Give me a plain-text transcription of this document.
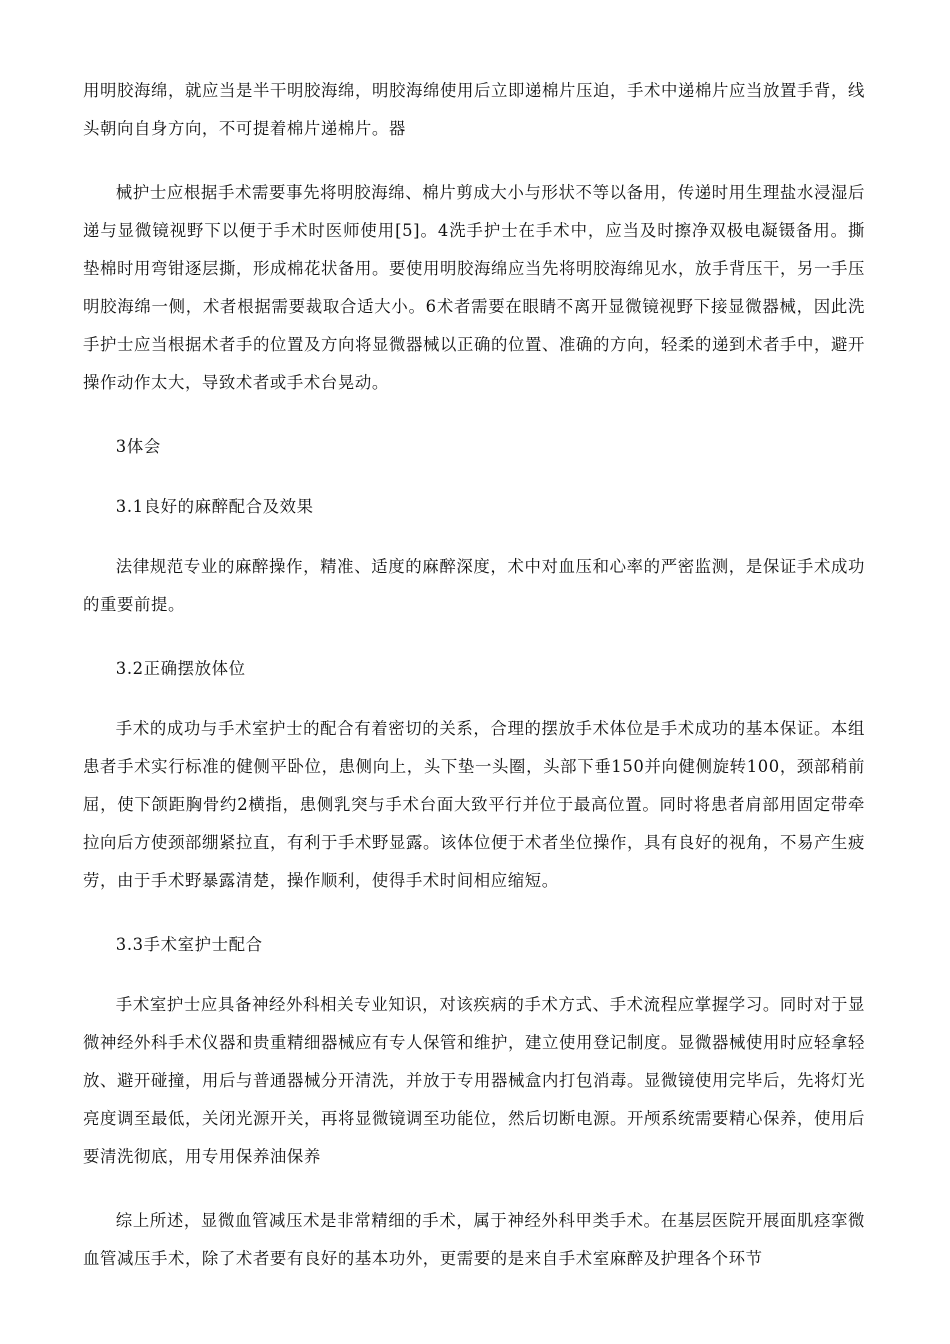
用明胶海绵，就应当是半干明胶海绵，明胶海绵使用后立即递棉片压迫，手术中递棉片应当放置手背，线头朝向自身方向，不可提着棉片递棉片。器

械护士应根据手术需要事先将明胶海绵、棉片剪成大小与形状不等以备用，传递时用生理盐水浸湿后递与显微镜视野下以便于手术时医师使用[5]。4洗手护士在手术中，应当及时擦净双极电凝镊备用。撕垫棉时用弯钳逐层撕，形成棉花状备用。要使用明胶海绵应当先将明胶海绵见水，放手背压干，另一手压明胶海绵一侧，术者根据需要裁取合适大小。6术者需要在眼睛不离开显微镜视野下接显微器械，因此洗手护士应当根据术者手的位置及方向将显微器械以正确的位置、准确的方向，轻柔的递到术者手中，避开操作动作太大，导致术者或手术台晃动。

3体会

3.1良好的麻醉配合及效果

法律规范专业的麻醉操作，精准、适度的麻醉深度，术中对血压和心率的严密监测，是保证手术成功的重要前提。

3.2正确摆放体位

手术的成功与手术室护士的配合有着密切的关系，合理的摆放手术体位是手术成功的基本保证。本组患者手术实行标准的健侧平卧位，患侧向上，头下垫一头圈，头部下垂150并向健侧旋转100，颈部稍前屈，使下颌距胸骨约2横指，患侧乳突与手术台面大致平行并位于最高位置。同时将患者肩部用固定带牵拉向后方使颈部绷紧拉直，有利于手术野显露。该体位便于术者坐位操作，具有良好的视角，不易产生疲劳，由于手术野暴露清楚，操作顺利，使得手术时间相应缩短。

3.3手术室护士配合

手术室护士应具备神经外科相关专业知识，对该疾病的手术方式、手术流程应掌握学习。同时对于显微神经外科手术仪器和贵重精细器械应有专人保管和维护，建立使用登记制度。显微器械使用时应轻拿轻放、避开碰撞，用后与普通器械分开清洗，并放于专用器械盒内打包消毒。显微镜使用完毕后，先将灯光亮度调至最低，关闭光源开关，再将显微镜调至功能位，然后切断电源。开颅系统需要精心保养，使用后要清洗彻底，用专用保养油保养

综上所述，显微血管减压术是非常精细的手术，属于神经外科甲类手术。在基层医院开展面肌痉挛微血管减压手术，除了术者要有良好的基本功外，更需要的是来自手术室麻醉及护理各个环节
